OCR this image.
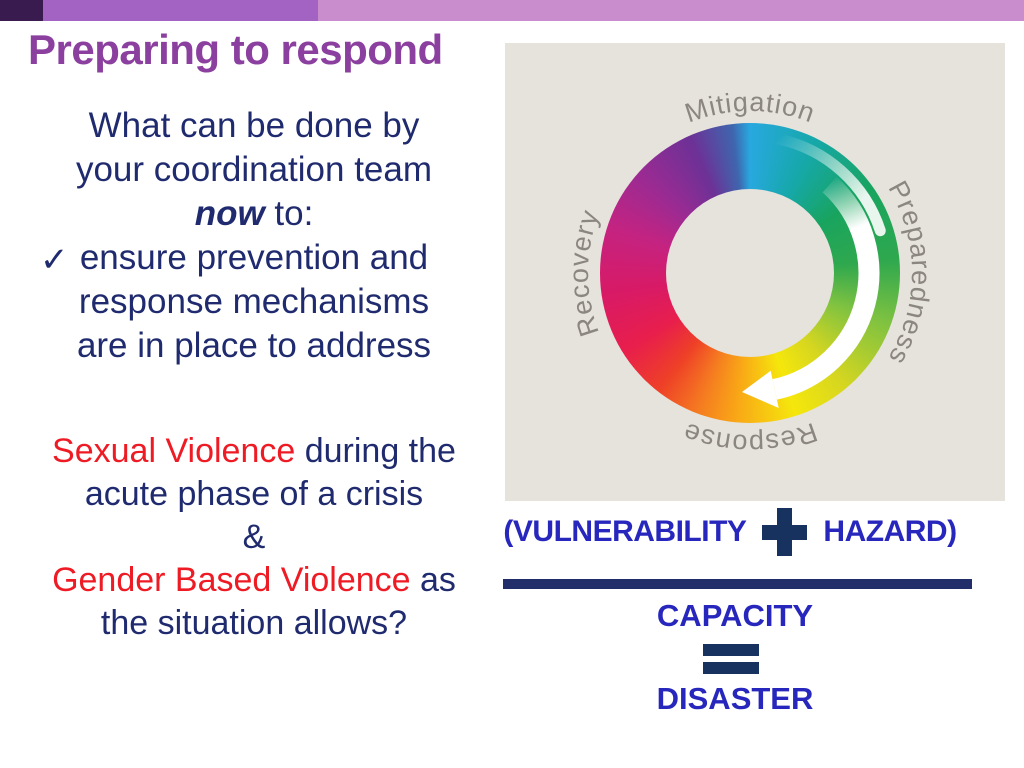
Preparing to respond
What can be done by
your coordination team
now to:
✓ ensure prevention and
response mechanisms
are in place to address
Sexual Violence during the
acute phase of a crisis
&
Gender Based Violence as
the situation allows?
Mitigation
Preparedness
Response
Recovery
(VULNERABILITY	HAZARD)
CAPACITY
DISASTER
